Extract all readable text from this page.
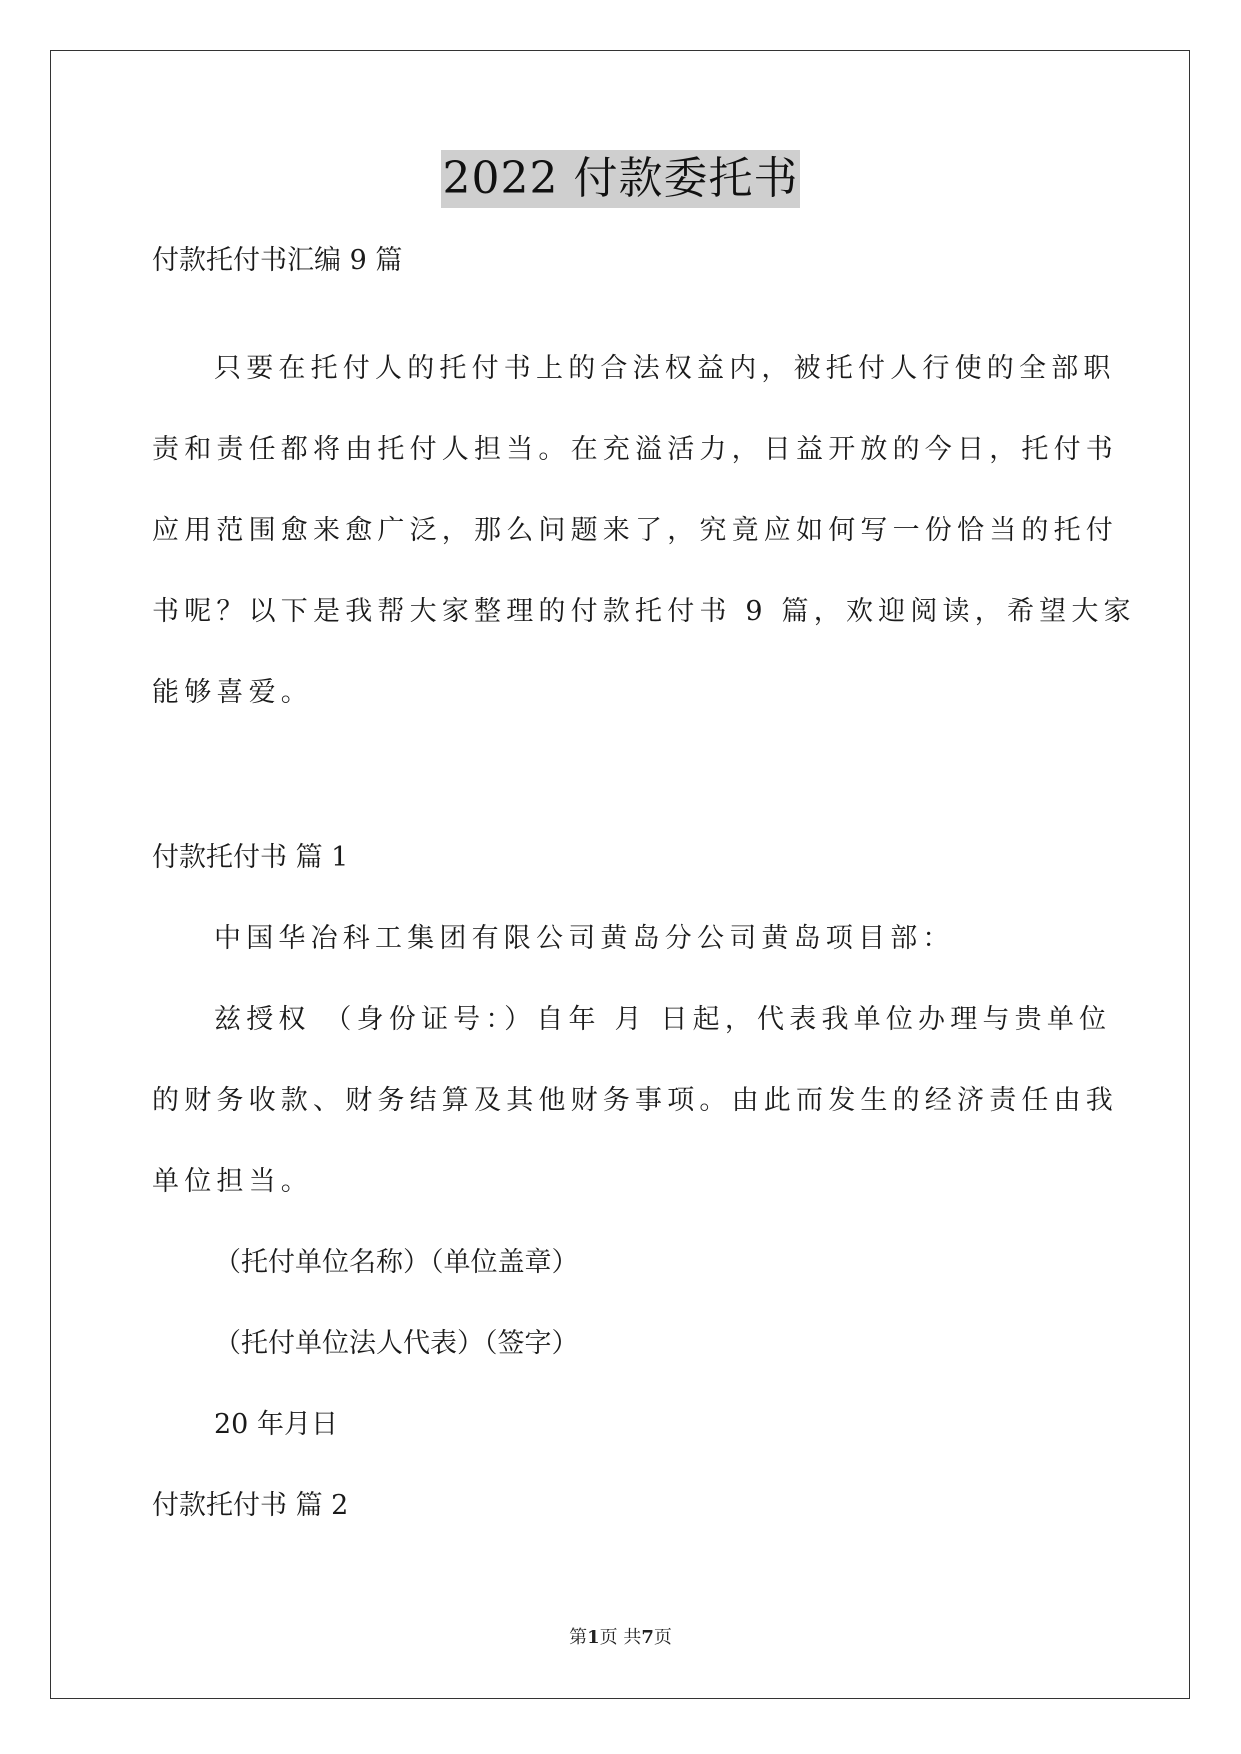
2022 付款委托书
付款托付书汇编 9 篇
只要在托付人的托付书上的合法权益内，被托付人行使的全部职
责和责任都将由托付人担当。在充溢活力，日益开放的今日，托付书
应用范围愈来愈广泛，那么问题来了，究竟应如何写一份恰当的托付
书呢？以下是我帮大家整理的付款托付书 9 篇，欢迎阅读，希望大家
能够喜爱。
付款托付书 篇 1
中国华冶科工集团有限公司黄岛分公司黄岛项目部：
兹授权 （身份证号：）自年 月 日起，代表我单位办理与贵单位
的财务收款、财务结算及其他财务事项。由此而发生的经济责任由我
单位担当。
（托付单位名称）（单位盖章）
（托付单位法人代表）（签字）
20 年月日
付款托付书 篇 2
第1页 共7页
